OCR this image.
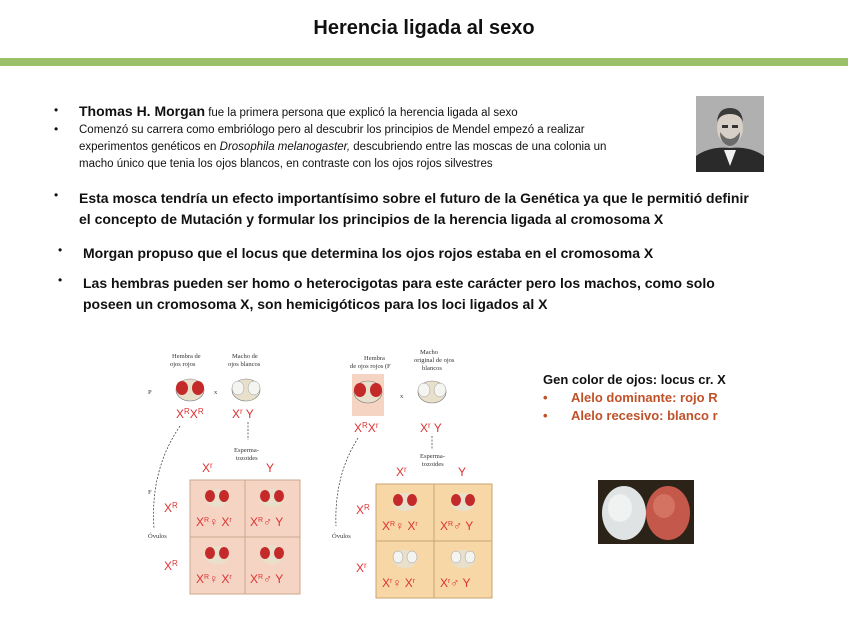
Herencia ligada al sexo
• Thomas H. Morgan fue la primera persona que explicó la herencia ligada al sexo
• Comenzó su carrera como embriólogo pero al descubrir los principios de Mendel empezó a realizar
experimentos genéticos en Drosophila melanogaster, descubriendo entre las moscas de una colonia un
macho único que tenia los ojos blancos, en contraste con los ojos rojos silvestres
• Esta mosca tendría un efecto importantísimo sobre el futuro de la Genética ya que le permitió definir
el concepto de Mutación y formular los principios de la herencia ligada al cromosoma X
• Morgan propuso que el locus que determina los ojos rojos estaba en el cromosoma X
• Las hembras pueden ser homo o heterocigotas para este carácter pero los machos, como solo
poseen un cromosoma X, son hemicigóticos para los loci ligados al X
Hembra de
ojos rojos
Macho de
ojos blancos
P	x
$X^RX^R$ $X^r$ Y
Esperma-
tozoides
$X^r$	Y
F
Óvulos
$X^R$
$X^R$
$X^R♀$ $X^r$ $X^R♂$ Y
$X^R♀$ $X^r$ $X^R♂$ Y
Hembra
de ojos rojos (F
Macho
original de ojos
blancos
x
$X^RX^r$	$X^r$ Y
Esperma-
tozoides
$X^r$	Y
Óvulos
$X^R$
$X^r$
$X^R♀$ $X^r$ $X^R♂$ Y
$X^r♀$ $X^r$ $X^r♂$ Y
Gen color de ojos: locus cr. X
• Alelo dominante: rojo R
• Alelo recesivo: blanco r
